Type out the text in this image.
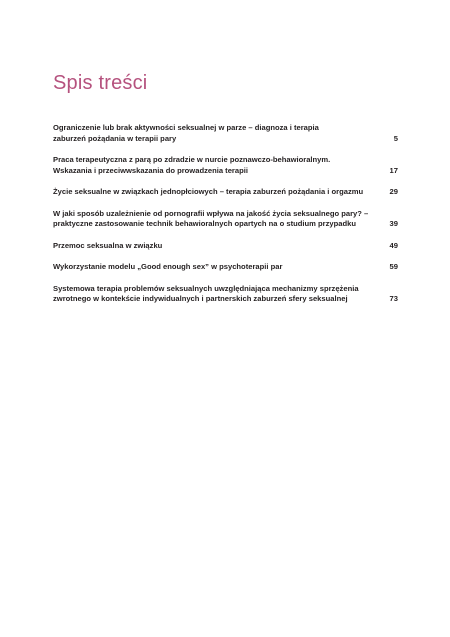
Spis treści
Ograniczenie lub brak aktywności seksualnej w parze – diagnoza i terapia
zaburzeń pożądania w terapii pary	5
Praca terapeutyczna z parą po zdradzie w nurcie poznawczo-behawioralnym.
Wskazania i przeciwwskazania do prowadzenia terapii	17
Życie seksualne w związkach jednopłciowych – terapia zaburzeń pożądania i orgazmu	29
W jaki sposób uzależnienie od pornografii wpływa na jakość życia seksualnego pary? –
praktyczne zastosowanie technik behawioralnych opartych na o studium przypadku	39
Przemoc seksualna w związku	49
Wykorzystanie modelu „Good enough sex” w psychoterapii par	59
Systemowa terapia problemów seksualnych uwzględniająca mechanizmy sprzężenia
zwrotnego w kontekście indywidualnych i partnerskich zaburzeń sfery seksualnej	73
